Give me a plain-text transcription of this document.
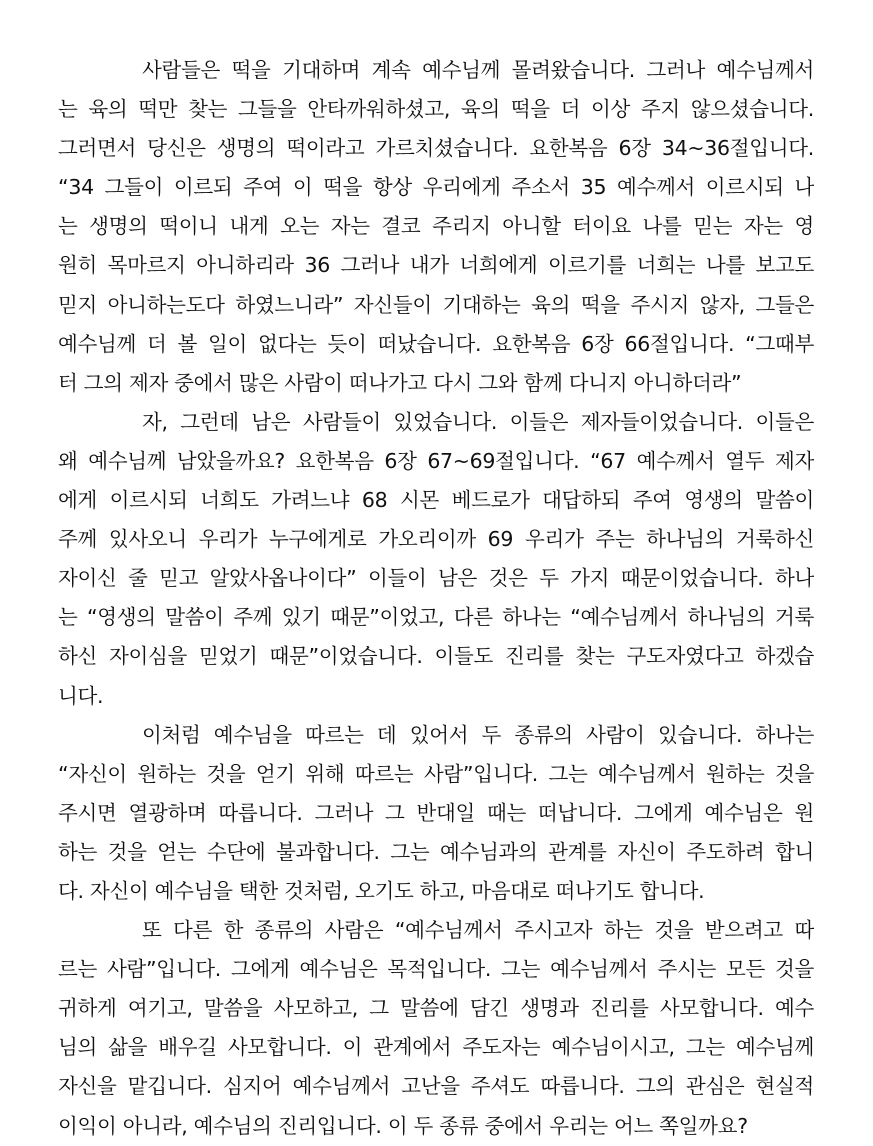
사람들은 떡을 기대하며 계속 예수님께 몰려왔습니다. 그러나 예수님께서
는 육의 떡만 찾는 그들을 안타까워하셨고, 육의 떡을 더 이상 주지 않으셨습니다.
그러면서 당신은 생명의 떡이라고 가르치셨습니다. 요한복음 6장 34~36절입니다.
“34 그들이 이르되 주여 이 떡을 항상 우리에게 주소서 35 예수께서 이르시되 나
는 생명의 떡이니 내게 오는 자는 결코 주리지 아니할 터이요 나를 믿는 자는 영
원히 목마르지 아니하리라 36 그러나 내가 너희에게 이르기를 너희는 나를 보고도
믿지 아니하는도다 하였느니라” 자신들이 기대하는 육의 떡을 주시지 않자, 그들은
예수님께 더 볼 일이 없다는 듯이 떠났습니다. 요한복음 6장 66절입니다. “그때부
터 그의 제자 중에서 많은 사람이 떠나가고 다시 그와 함께 다니지 아니하더라”
자, 그런데 남은 사람들이 있었습니다. 이들은 제자들이었습니다. 이들은
왜 예수님께 남았을까요? 요한복음 6장 67~69절입니다. “67 예수께서 열두 제자
에게 이르시되 너희도 가려느냐 68 시몬 베드로가 대답하되 주여 영생의 말씀이
주께 있사오니 우리가 누구에게로 가오리이까 69 우리가 주는 하나님의 거룩하신
자이신 줄 믿고 알았사옵나이다” 이들이 남은 것은 두 가지 때문이었습니다. 하나
는 “영생의 말씀이 주께 있기 때문”이었고, 다른 하나는 “예수님께서 하나님의 거룩
하신 자이심을 믿었기 때문”이었습니다. 이들도 진리를 찾는 구도자였다고 하겠습
니다.
이처럼 예수님을 따르는 데 있어서 두 종류의 사람이 있습니다. 하나는
“자신이 원하는 것을 얻기 위해 따르는 사람”입니다. 그는 예수님께서 원하는 것을
주시면 열광하며 따릅니다. 그러나 그 반대일 때는 떠납니다. 그에게 예수님은 원
하는 것을 얻는 수단에 불과합니다. 그는 예수님과의 관계를 자신이 주도하려 합니
다. 자신이 예수님을 택한 것처럼, 오기도 하고, 마음대로 떠나기도 합니다.
또 다른 한 종류의 사람은 “예수님께서 주시고자 하는 것을 받으려고 따
르는 사람”입니다. 그에게 예수님은 목적입니다. 그는 예수님께서 주시는 모든 것을
귀하게 여기고, 말씀을 사모하고, 그 말씀에 담긴 생명과 진리를 사모합니다. 예수
님의 삶을 배우길 사모합니다. 이 관계에서 주도자는 예수님이시고, 그는 예수님께
자신을 맡깁니다. 심지어 예수님께서 고난을 주셔도 따릅니다. 그의 관심은 현실적
이익이 아니라, 예수님의 진리입니다. 이 두 종류 중에서 우리는 어느 쪽일까요?
